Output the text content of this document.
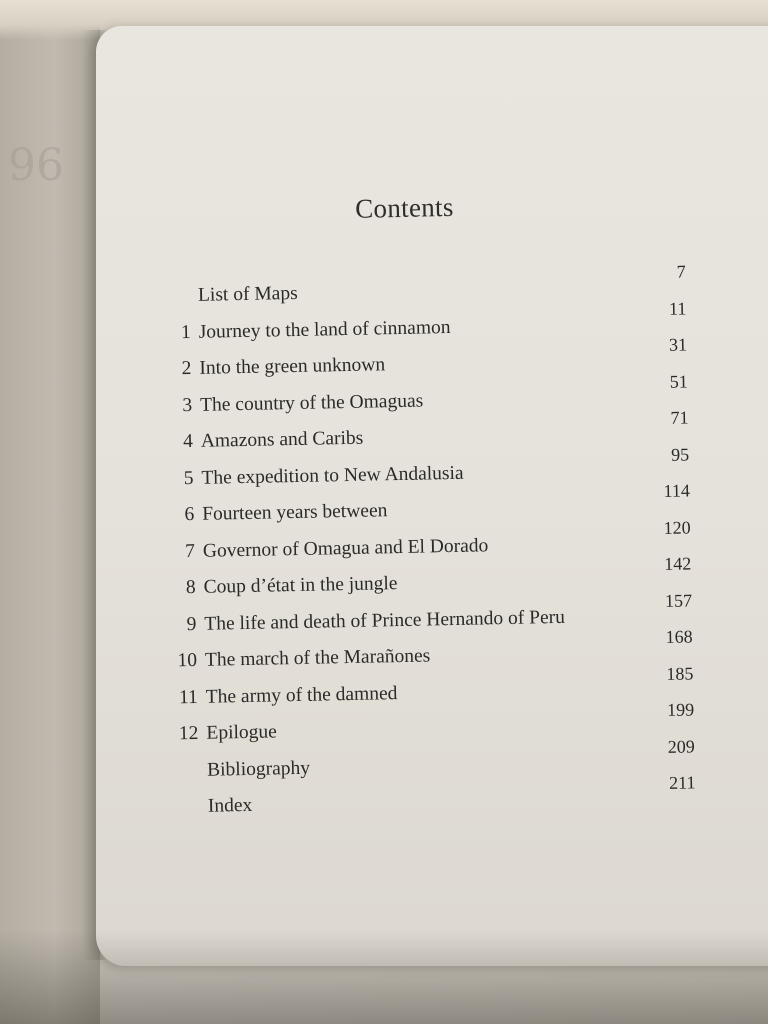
96
Contents
List of Maps
7
1 Journey to the land of cinnamon
11
2 Into the green unknown
31
3 The country of the Omaguas
51
4 Amazons and Caribs
71
5 The expedition to New Andalusia
95
6 Fourteen years between
114
7 Governor of Omagua and El Dorado
120
8 Coup d’état in the jungle
142
9 The life and death of Prince Hernando of Peru
157
10 The march of the Marañones
168
11 The army of the damned
185
12 Epilogue
199
Bibliography
209
Index
211
